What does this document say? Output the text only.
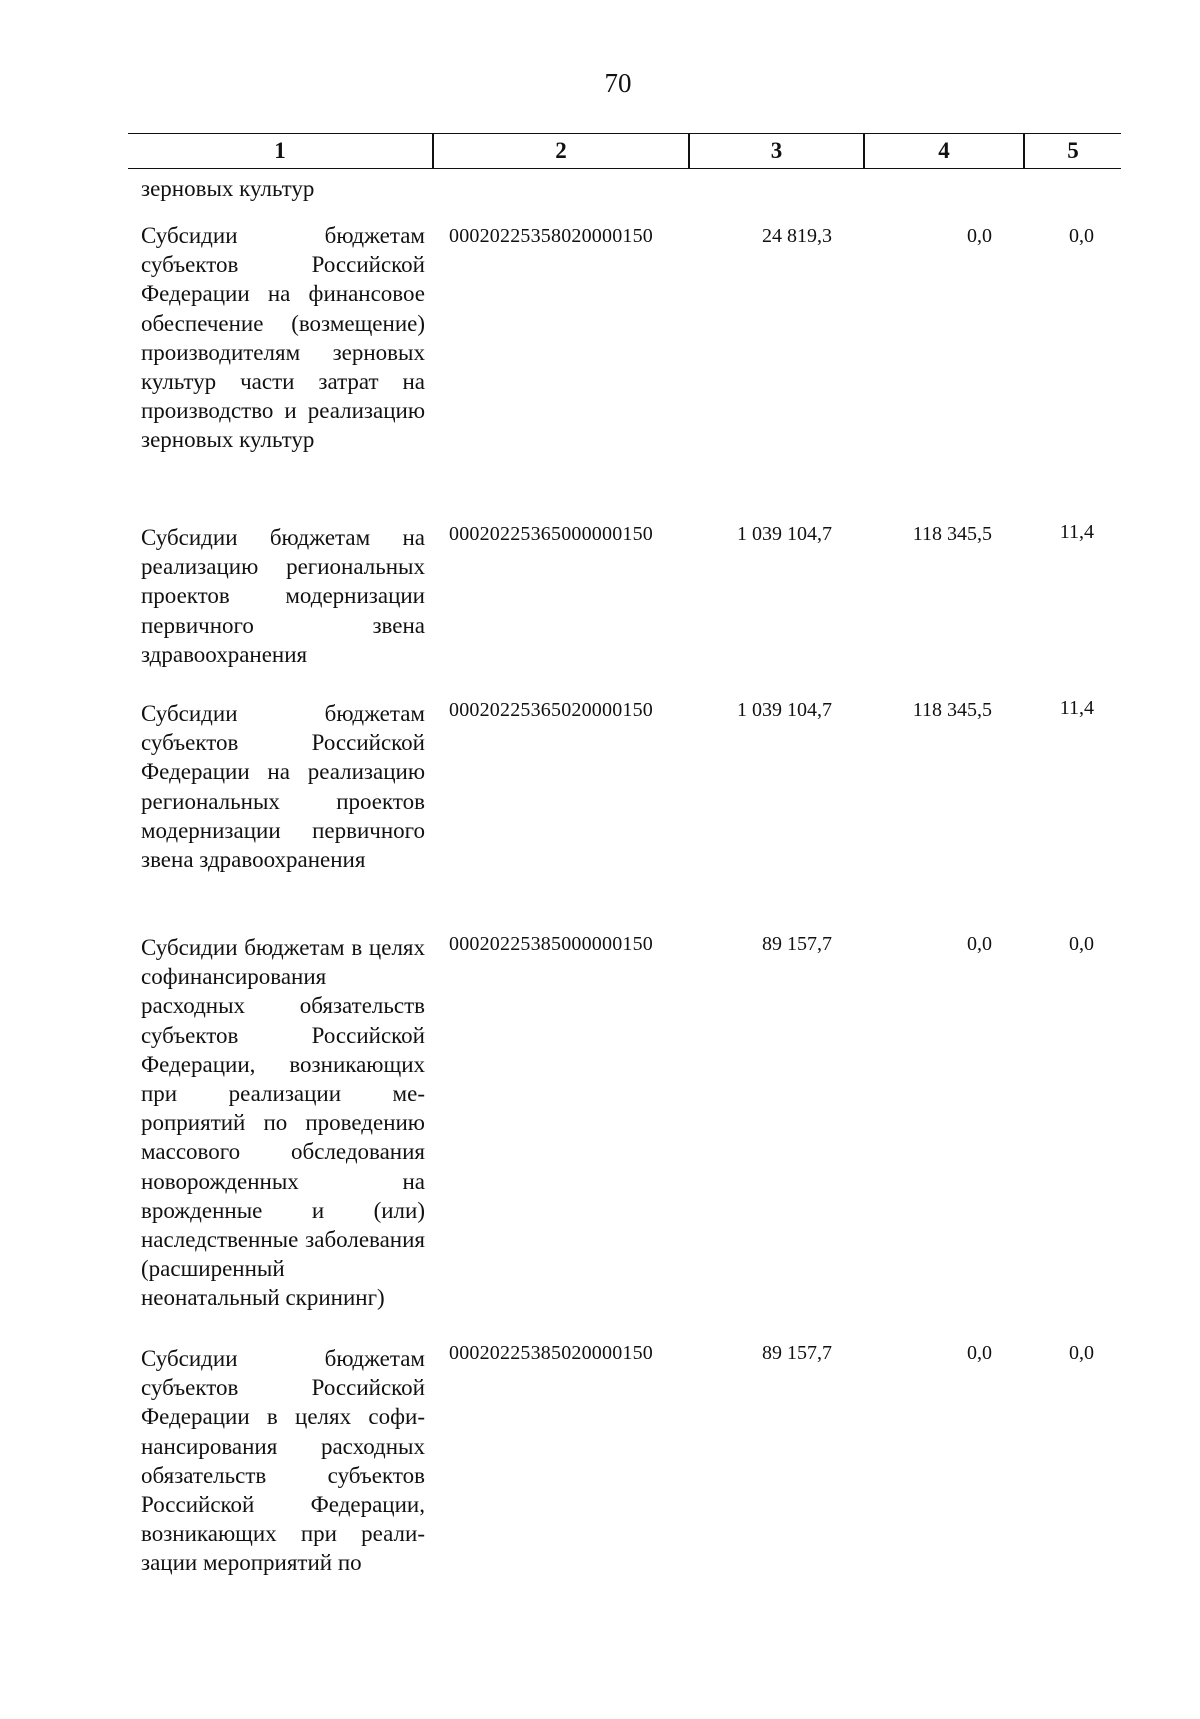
70
1	2	3	4	5
зерновых культур
Субсидии бюджетам субъектов Российской Федерации на финансовое обеспечение (возмещение) производителям зерновых культур части затрат на производство и реализацию зерновых культур
00020225358020000150	24 819,3	0,0	0,0
Субсидии бюджетам на реализацию региональных проектов модернизации первичного звена здравоохранения
00020225365000000150	1 039 104,7	118 345,5	11,4
Субсидии бюджетам субъектов Российской Федерации на реализацию региональных проектов модернизации первичного звена здравоохранения
00020225365020000150	1 039 104,7	118 345,5	11,4
Субсидии бюджетам в целях софинансирования расходных обязательств субъектов Российской Федерации, возникающих при реализации мероприятий по проведению массового обследования новорожденных на врожденные и (или) наследственные заболевания (расширенный неонатальный скрининг)
00020225385000000150	89 157,7	0,0	0,0
Субсидии бюджетам субъектов Российской Федерации в целях софинансирования расходных обязательств субъектов Российской Федерации, возникающих при реализации мероприятий по
00020225385020000150	89 157,7	0,0	0,0
